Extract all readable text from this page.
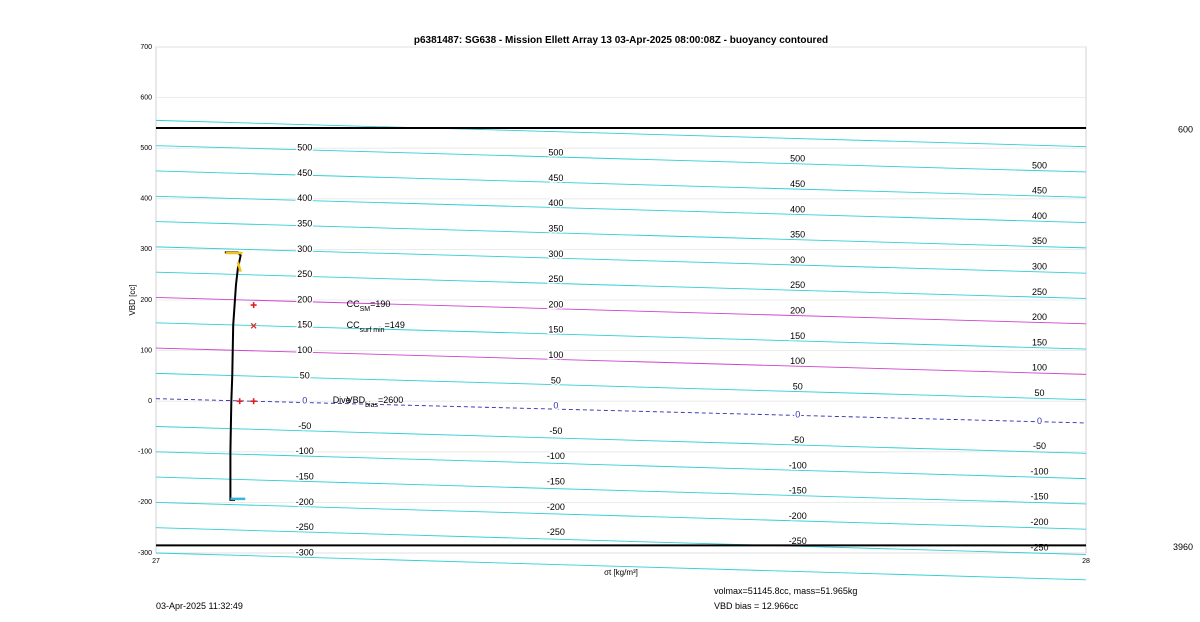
p6381487: SG638 - Mission Ellett Array 13 03-Apr-2025 08:00:08Z - buoyancy contoured
700
600
500
400
300
200
100
0
-100
-200
-300
27	28
VBD [cc]
σt [kg/m³]
500
450
400
350
300
250
200
150
100
50
0
-50
-100
-150
-200
-250
-300
500
450
400
350
300
250
200
150
100
50
0
-50
-100
-150
-200
-250
500
450
400
350
300
250
200
150
100
50
0
-50
-100
-150
-200
-250
500
450
400
350
300
250
200
150
100
50
0
-50
-100
-150
-200
-250
600
3960
$CC_{SM}=190$
$CC_{surf min}=149$
Dive
$VBD_{bias}=2600$
03-Apr-2025 11:32:49
volmax=51145.8cc, mass=51.965kg
VBD bias = 12.966cc
